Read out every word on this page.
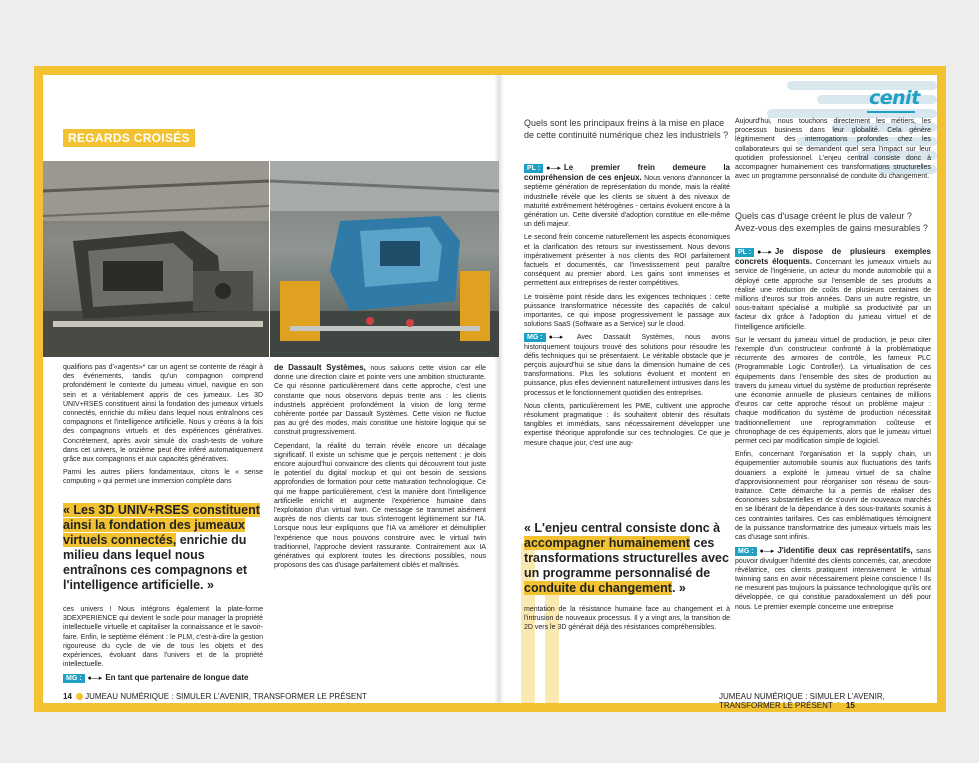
cenit
REGARDS CROISÉS

qualifions pas d'«agents»* car un agent se contente de réagir à des événements, tandis qu'un compagnon comprend profondément le contexte du jumeau virtuel, navigue en son sein et a véritablement appris de ces jumeaux. Les 3D UNIV+RSES constituent ainsi la fondation des jumeaux virtuels connectés, enrichie du milieu dans lequel nous entraînons ces compagnons et l'intelligence artificielle. Nous y créons à la fois des compagnons virtuels et des expériences génératives. Concrètement, après avoir simulé dix crash-tests de voiture dans cet univers, le onzième peut être inféré automatiquement grâce aux compagnons et aux capacités génératives.

Parmi les autres piliers fondamentaux, citons le « sense computing » qui permet une immersion complète dans

« Les 3D UNIV+RSES constituent ainsi la fondation des jumeaux virtuels connectés, enrichie du milieu dans lequel nous entraînons ces compagnons et l'intelligence artificielle. »

ces univers ! Nous intégrons également la plate-forme 3DEXPERIENCE qui devient le socle pour manager la propriété intellectuelle virtuelle et capitaliser la connaissance et le savoir-faire. Enfin, le septième élément : le PLM, c'est-à-dire la gestion rigoureuse du cycle de vie de tous les objets et des expériences, évoluant dans l'univers et de la propriété intellectuelle.

MG : ●—▸ En tant que partenaire de longue date

de Dassault Systèmes, nous saluons cette vision car elle donne une direction claire et pointe vers une ambition structurante. Ce qui résonne particulièrement dans cette approche, c'est une constante que nous observons depuis trente ans : les clients industriels apprécient profondément la vision de long terme cohérente portée par Dassault Systèmes. Cette vision ne fluctue pas au gré des modes, mais constitue une histoire logique qui se construit progressivement.

Cependant, la réalité du terrain révèle encore un décalage significatif. Il existe un schisme que je perçois nettement : je dois encore aujourd'hui convaincre des clients qui découvrent tout juste le potentiel du digital mockup et qui ont besoin de sessions approfondies de formation pour cette maturation technologique. Ce qui me frappe particulièrement, c'est la manière dont l'intelligence artificielle enrichit et augmente l'expérience humaine dans l'exploitation d'un virtual twin. Ce message se transmet aisément auprès de nos clients car tous s'interrogent légitimement sur l'IA. Lorsque nous leur expliquons que l'IA va améliorer et démultiplier l'expérience que nous pouvons construire avec le virtual twin traditionnel, l'approche devient rassurante. Contrairement aux IA génératives qui explorent toutes les directions possibles, nous proposons des cas d'usage parfaitement ciblés et maîtrisés.

14 JUMEAU NUMÉRIQUE : SIMULER L'AVENIR, TRANSFORMER LE PRÉSENT
Quels sont les principaux freins à la mise en place de cette continuité numérique chez les industriels ?

PL : ●—▸ Le premier frein demeure la compréhension de ces enjeux. Nous venons d'annoncer la septième génération de représentation du monde, mais la réalité industrielle révèle que les clients se situent à des niveaux de maturité extrêmement hétérogènes - certains évoluent encore à la génération un. Cette diversité d'adoption constitue en elle-même un défi majeur.

Le second frein concerne naturellement les aspects économiques et la clarification des retours sur investissement. Nous devons impérativement présenter à nos clients des ROI parfaitement factuels et documentés, car l'investissement peut paraître conséquent au premier abord. Les gains sont immenses et permettent aux entreprises de rester compétitives.

Le troisième point réside dans les exigences techniques : cette puissance transformatrice nécessite des capacités de calcul importantes, ce qui impose progressivement le passage aux solutions SaaS (Software as a Service) sur le cloud.

MG : ●—▸ Avec Dassault Systèmes, nous avons historiquement toujours trouvé des solutions pour résoudre les défis techniques qui se présentaient. Le véritable obstacle que je perçois aujourd'hui se situe dans la dimension humaine de ces transformations. Plus les solutions évoluent et montent en puissance, plus elles deviennent naturellement intrusives dans les processus et le fonctionnement quotidien des entreprises.

Nous clients, particulièrement les PME, cultivent une approche résolument pragmatique : ils souhaitent obtenir des résultats tangibles et immédiats, sans nécessairement développer une expertise théorique approfondie sur ces technologies. Ce que je mesure chaque jour, c'est une aug-

« L'enjeu central consiste donc à accompagner humainement ces transformations structurelles avec un programme personnalisé de conduite du changement. »

mentation de la résistance humaine face au changement et à l'intrusion de nouveaux processus. Il y a vingt ans, la transition de 2D vers le 3D générait déjà des résistances compréhensibles.

Aujourd'hui, nous touchons directement les métiers, les processus business dans leur globalité. Cela génère légitimement des interrogations profondes chez les collaborateurs qui se demandent quel sera l'impact sur leur quotidien professionnel. L'enjeu central consiste donc à accompagner humainement ces transformations structurelles avec un programme personnalisé de conduite du changement.

Quels cas d'usage créent le plus de valeur ? Avez-vous des exemples de gains mesurables ?

PL : ●—▸ Je dispose de plusieurs exemples concrets éloquents. Concernant les jumeaux virtuels au service de l'ingénierie, un acteur du monde automobile qui a déployé cette approche sur l'ensemble de ses produits a réalisé une réduction de coûts de plusieurs centaines de millions d'euros sur trois années. Dans un autre registre, un sous-traitant spécialisé a multiplié sa productivité par un facteur dix grâce à l'adoption du jumeau virtuel et de l'intelligence artificielle.

Sur le versant du jumeau virtuel de production, je peux citer l'exemple d'un constructeur confronté à la problématique récurrente des armoires de contrôle, les fameux PLC (Programmable Logic Controller). La virtualisation de ces équipements dans l'ensemble des sites de production au travers du jumeau virtuel du système de production représente une économie annuelle de plusieurs centaines de millions d'euros car cette approche résout un problème majeur : chaque modification du système de production nécessitait traditionnellement une reprogrammation coûteuse et chronophage de ces équipements, alors que le jumeau virtuel permet ceci par modification simple de logiciel.

Enfin, concernant l'organisation et la supply chain, un équipementier automobile soumis aux fluctuations des tarifs douaniers a exploité le jumeau virtuel de sa chaîne d'approvisionnement pour réorganiser son réseau de sous-traitance. Cette démarche lui a permis de réaliser des économies substantielles et de s'ouvrir de nouveaux marchés en se libérant de la dépendance à des sous-traitants soumis à ces contraintes tarifaires. Ces cas emblématiques témoignent de la puissance transformatrice des jumeaux virtuels mais les cas d'usage sont infinis.

MG : ●—▸ J'identifie deux cas représentatifs, sans pouvoir divulguer l'identité des clients concernés, car, anecdote révélatrice, ces clients pratiquent intensivement le virtual twinning sans en avoir nécessairement pleine conscience ! Ils ne mesurent pas toujours la puissance technologique qu'ils ont développée, ce qui constitue paradoxalement un défi pour nous. Le premier exemple concerne une entreprise

JUMEAU NUMÉRIQUE : SIMULER L'AVENIR, TRANSFORMER LE PRÉSENT 15
